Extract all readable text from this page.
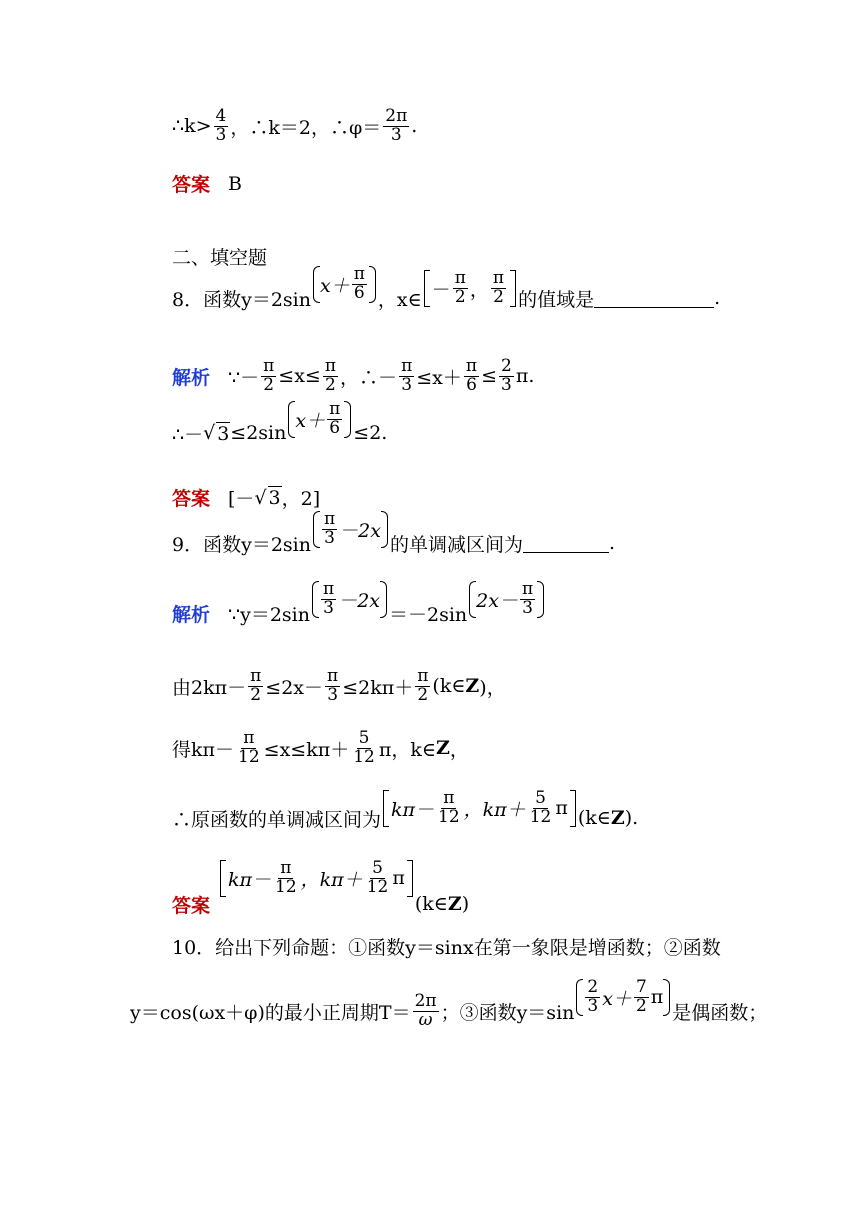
∴k> $\frac{4}{3}$ ，∴k＝2，∴φ＝ $\frac{2\pi}{3}$ .
答案 B
二、填空题
8．函数y＝2sin
$x+ \frac{\pi}{6}$ ，x∈ － $\frac{\pi}{2}$ ， $\frac{\pi}{2}$ 的值域是	.
解析 ∵－ $\frac{\pi}{2} \le x\le \frac{\pi}{2}$ ，∴－ $\frac{\pi}{3} \le x+ \frac{\pi}{6} \le \frac{2}{3} \pi$.
∴－ √ 3 ≤2sin
$x+ \frac{\pi}{6} \le 2$.
答案 [－ √ 3 ，2]
9．函数$y=2\sin \frac{\pi}{3} -2x$
的单调减区间为	.
解析 ∵y＝2sin $\frac{\pi}{3} -2x$
＝－2sin
$2x- \frac{\pi}{3}$
由$2k\pi- \frac{\pi}{2} \le 2x- \frac{\pi}{3} \le 2k\pi+ \frac{\pi}{2}$ (k∈ Z )，
得$k\pi- \frac{\pi}{12} \le x\le k\pi+ \frac{5}{12}$ π，k∈ Z ，
∴原函数的单调减区间为 $k\pi- \frac{\pi}{12}$ ，$k\pi+ \frac{5}{12}$ π (k∈ Z ).
答案
$k\pi- \frac{\pi}{12}$ ，$k\pi+ \frac{5}{12}$ π
(k∈ Z )
10．给出下列命题：①函数y＝sinx在第一象限是增函数；②函数
y＝cos(ωx＋φ)的最小正周期$T= \frac{2\pi}{\omega}$ ；③函数$y=\sin \frac{2}{3} x+ \frac{7}{2}$ π
是偶函数；
